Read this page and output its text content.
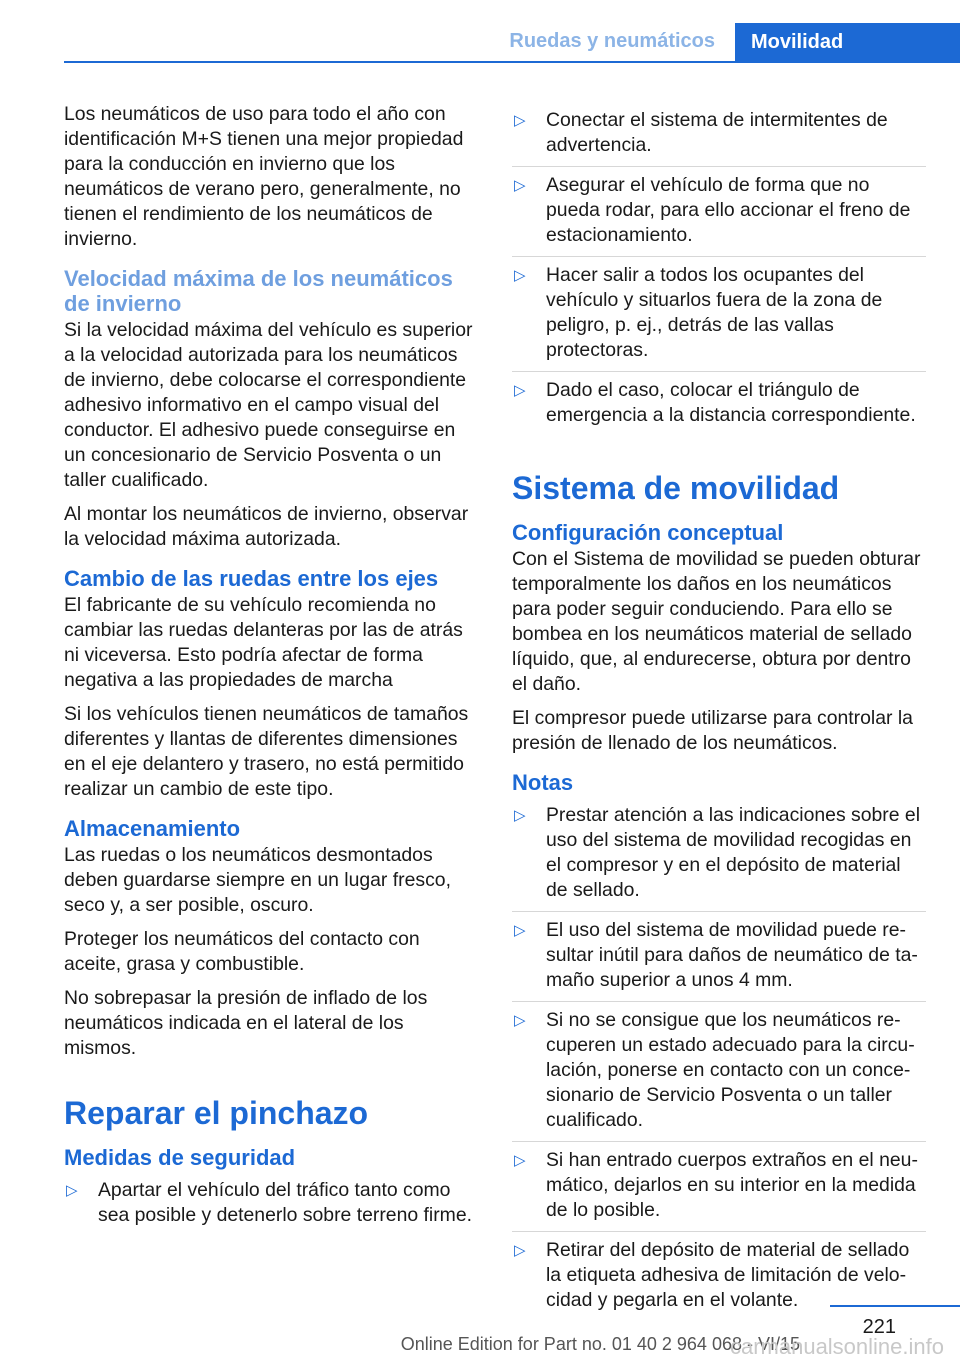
Ruedas y neumáticos	Movilidad

Los neumáticos de uso para todo el año con identificación M+S tienen una mejor propiedad para la conducción en invierno que los neumáticos de verano pero, generalmente, no tienen el rendimiento de los neumáticos de invierno.

Velocidad máxima de los neumáticos de invierno

Si la velocidad máxima del vehículo es superior a la velocidad autorizada para los neumáticos de invierno, debe colocarse el correspondiente adhesivo informativo en el campo visual del conductor. El adhesivo puede conseguirse en un concesionario de Servicio Posventa o un taller cualificado.

Al montar los neumáticos de invierno, observar la velocidad máxima autorizada.

Cambio de las ruedas entre los ejes

El fabricante de su vehículo recomienda no cambiar las ruedas delanteras por las de atrás ni viceversa. Esto podría afectar de forma negativa a las propiedades de marcha

Si los vehículos tienen neumáticos de tamaños diferentes y llantas de diferentes dimensiones en el eje delantero y trasero, no está permitido realizar un cambio de este tipo.

Almacenamiento

Las ruedas o los neumáticos desmontados deben guardarse siempre en un lugar fresco, seco y, a ser posible, oscuro.

Proteger los neumáticos del contacto con aceite, grasa y combustible.

No sobrepasar la presión de inflado de los neumáticos indicada en el lateral de los mismos.

Reparar el pinchazo
Medidas de seguridad
▷ Apartar el vehículo del tráfico tanto como sea posible y detenerlo sobre terreno firme.
▷ Conectar el sistema de intermitentes de advertencia.
▷ Asegurar el vehículo de forma que no pueda rodar, para ello accionar el freno de estacionamiento.
▷ Hacer salir a todos los ocupantes del vehículo y situarlos fuera de la zona de peligro, p. ej., detrás de las vallas protectoras.
▷ Dado el caso, colocar el triángulo de emergencia a la distancia correspondiente.
Sistema de movilidad
Configuración conceptual

Con el Sistema de movilidad se pueden obturar temporalmente los daños en los neumáticos para poder seguir conduciendo. Para ello se bombea en los neumáticos material de sellado líquido, que, al endurecerse, obtura por dentro el daño.

El compresor puede utilizarse para controlar la presión de llenado de los neumáticos.

Notas
▷ Prestar atención a las indicaciones sobre el uso del sistema de movilidad recogidas en el compresor y en el depósito de material de sellado.
▷ El uso del sistema de movilidad puede resultar inútil para daños de neumático de tamaño superior a unos 4 mm.
▷ Si no se consigue que los neumáticos recuperen un estado adecuado para la circulación, ponerse en contacto con un concesionario de Servicio Posventa o un taller cualificado.
▷ Si han entrado cuerpos extraños en el neumático, dejarlos en su interior en la medida de lo posible.
▷ Retirar del depósito de material de sellado la etiqueta adhesiva de limitación de velocidad y pegarla en el volante.
221
Online Edition for Part no. 01 40 2 964 068 - VI/15
carmanualsonline.info
